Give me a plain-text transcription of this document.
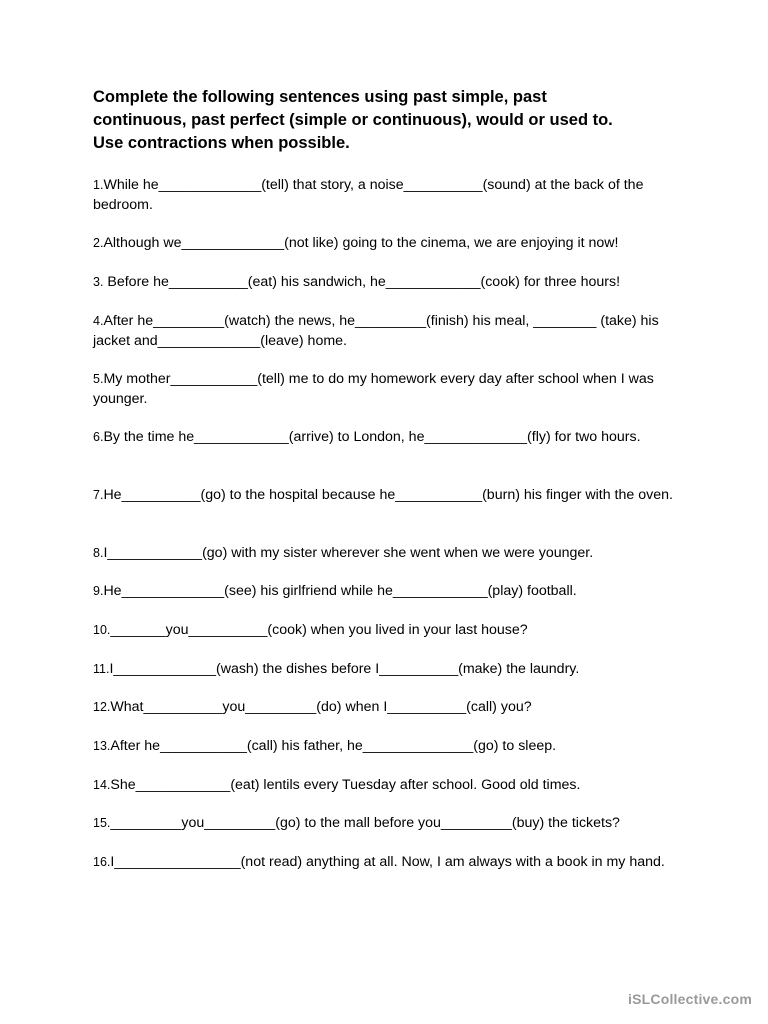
Complete the following sentences using past simple, past
continuous, past perfect (simple or continuous), would or used to.
Use contractions when possible.
1.While he_____________(tell) that story, a noise__________(sound) at the back of the bedroom.
2.Although we_____________(not like) going to the cinema, we are enjoying it now!
3. Before he__________(eat) his sandwich, he____________(cook) for three hours!
4.After he_________(watch) the news, he_________(finish) his meal, ________ (take) his jacket and_____________(leave) home.
5.My mother___________(tell) me to do my homework every day after school when I was younger.
6.By the time he____________(arrive) to London, he_____________(fly) for two hours.
7.He__________(go) to the hospital because he___________(burn) his finger with the oven.
8.I____________(go) with my sister wherever she went when we were younger.
9.He_____________(see) his girlfriend while he____________(play) football.
10._______you__________(cook) when you lived in your last house?
11.I_____________(wash) the dishes before I__________(make) the laundry.
12.What__________you_________(do) when I__________(call) you?
13.After he___________(call) his father, he______________(go) to sleep.
14.She____________(eat) lentils every Tuesday after school. Good old times.
15._________you_________(go) to the mall before you_________(buy) the tickets?
16.I________________(not read) anything at all. Now, I am always with a book in my hand.
iSLCollective.com
